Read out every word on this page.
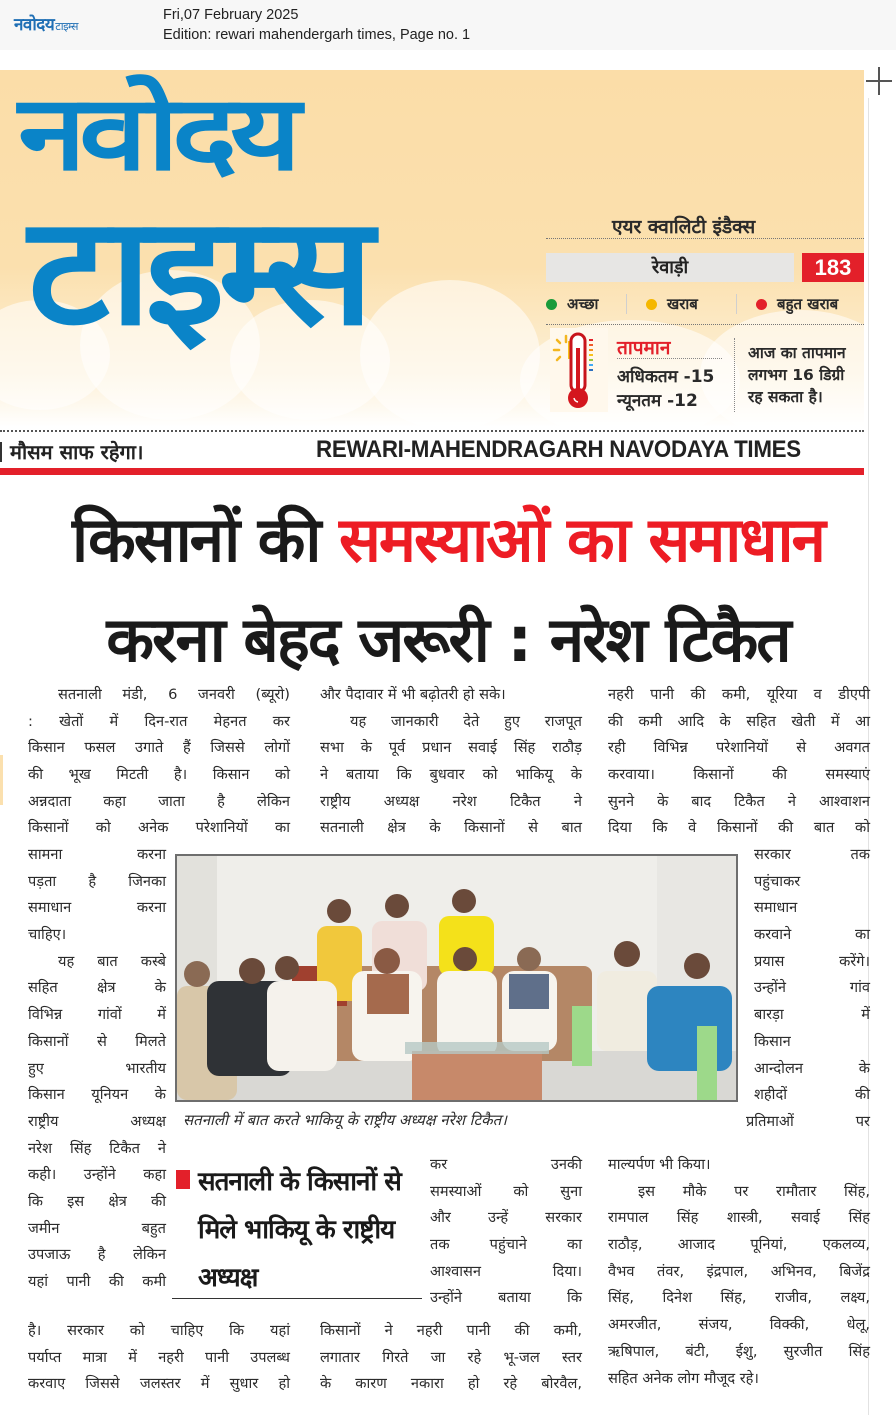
नवोदयटाइम्स
Fri,07 February 2025
Edition: rewari mahendergarh times, Page no. 1
नवोदय
टाइम्स	एयर क्वालिटी इंडैक्स
रेवाड़ी	183
अच्छा	खराब	बहुत खराब
तापमान
अधिकतम -15
न्यूनतम -12
आज का तापमान
लगभग 16 डिग्री
रह सकता है।
मौसम साफ रहेगा।	REWARI-MAHENDRAGARH NAVODAYA TIMES
किसानों की समस्याओं का समाधान
करना बेहद जरूरी : नरेश टिकैत
सतनाली मंडी, 6 जनवरी (ब्यूरो)
: खेतों में दिन-रात मेहनत कर
किसान फसल उगाते हैं जिससे लोगों
की भूख मिटती है। किसान को
अन्नदाता कहा जाता है लेकिन
किसानों को अनेक परेशानियों का
सामना करना
पड़ता है जिनका
समाधान करना
चाहिए।
यह बात कस्बे
सहित क्षेत्र के
विभिन्न गांवों में
किसानों से मिलते
हुए भारतीय
किसान यूनियन के
राष्ट्रीय अध्यक्ष
नरेश सिंह टिकैत ने
कही। उन्होंने कहा
कि इस क्षेत्र की
जमीन बहुत
उपजाऊ है लेकिन
यहां पानी की कमी
है। सरकार को चाहिए कि यहां
पर्याप्त मात्रा में नहरी पानी उपलब्ध
करवाए जिससे जलस्तर में सुधार हो
और पैदावार में भी बढ़ोतरी हो सके।
यह जानकारी देते हुए राजपूत
सभा के पूर्व प्रधान सवाई सिंह राठौड़
ने बताया कि बुधवार को भाकियू के
राष्ट्रीय अध्यक्ष नरेश टिकैत ने
सतनाली क्षेत्र के किसानों से बात
कर उनकी
समस्याओं को सुना
और उन्हें सरकार
तक पहुंचाने का
आश्वासन दिया।
उन्होंने बताया कि
किसानों ने नहरी पानी की कमी,
लगातार गिरते जा रहे भू-जल स्तर
के कारण नकारा हो रहे बोरवैल,
नहरी पानी की कमी, यूरिया व डीएपी
की कमी आदि के सहित खेती में आ
रही विभिन्न परेशानियों से अवगत
करवाया। किसानों की समस्याएं
सुनने के बाद टिकैत ने आश्वाशन
दिया कि वे किसानों की बात को
सरकार तक
पहुंचाकर
समाधान
करवाने का
प्रयास करेंगे।
उन्होंने गांव
बारड़ा में
किसान
आन्दोलन के
शहीदों की
प्रतिमाओं पर
माल्यर्पण भी किया।
इस मौके पर रामौतार सिंह,
रामपाल सिंह शास्त्री, सवाई सिंह
राठौड़, आजाद पूनियां, एकलव्य,
वैभव तंवर, इंद्रपाल, अभिनव, बिजेंद्र
सिंह, दिनेश सिंह, राजीव, लक्ष्य,
अमरजीत, संजय, विक्की, धेलू,
ऋषिपाल, बंटी, ईशु, सुरजीत सिंह
सहित अनेक लोग मौजूद रहे।
सतनाली में बात करते भाकियू के राष्ट्रीय अध्यक्ष नरेश टिकैत।
सतनाली के किसानों से मिले भाकियू के राष्ट्रीय अध्यक्ष
